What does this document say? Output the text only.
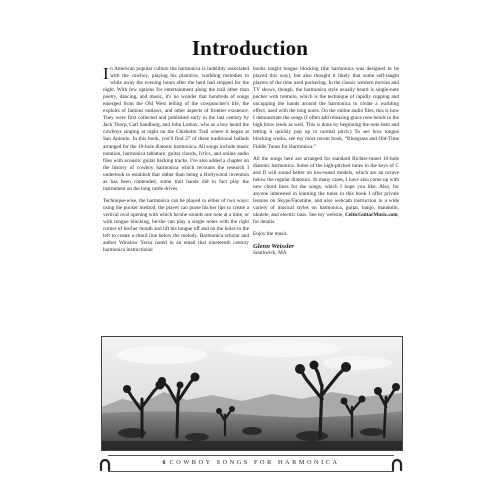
Introduction

In American popular culture the harmonica is indelibly associated with the cowboy, playing his plaintive, warbling melodies to while away the evening hours after the herd had stopped for the night. With few options for entertainment along the trail other than poetry, dancing, and music, it's no wonder that hundreds of songs emerged from the Old West telling of the cowpuncher's life, the exploits of famous outlaws, and other aspects of frontier existence. They were first collected and published early in the last century by Jack Thorp, Carl Sandburg, and John Lomax, who as a boy heard the cowboys singing at night on the Chisholm Trail where it began at San Antonio. In this book, you'll find 27 of these traditional ballads arranged for the 10-hole diatonic harmonica. All songs include music notation, harmonica tablature, guitar chords, lyrics, and online audio files with acoustic guitar backing tracks. I've also added a chapter on the history of cowboy harmonica which recounts the research I undertook to establish that rather than being a Hollywood invention as has been contended, some trail hands did in fact play the instrument on the long cattle drives.

Technique-wise, the harmonica can be played in either of two ways: using the pucker method, the player can purse his/her lips to create a vertical oval opening with which he/she sounds one note at a time, or with tongue blocking, he/she can play a single notes with the right corner of his/her mouth and lift his tongue off and on the holes to the left to create a chord line below the melody. Harmonica scholar and author Winslow Yerxa noted in an email that nineteenth century harmonica instructional

books taught tongue blocking (the harmonica was designed to be played this way), but also thought it likely that some self-taught players of the time used puckering. In the classic western movies and TV shows, though, the harmonica style usually heard is single-note pucker with tremolo, which is the technique of rapidly cupping and uncupping the hands around the harmonica to create a warbling effect, used with the long notes. On the online audio files, this is how I demonstrate the songs (I often add releasing grace note bends to the high blow reeds as well. This is done by beginning the note bent and letting it quickly pop up to normal pitch.) To see how tongue blocking works, see my most recent book, “Bluegrass and Old-Time Fiddle Tunes for Harmonica.”

All the songs here are arranged for standard Richter-tuned 10-hole diatonic harmonica. Some of the high-pitched tunes in the keys of C and D will sound better on low-tuned models, which are an octave below the regular diatonics. In many cases, I have also come up with new chord lines for the songs, which I hope you like. Also, for anyone interested in learning the tunes in this book I offer private lessons on Skype/Facetime, and also webcam instruction in a wide variety of musical styles on harmonica, guitar, banjo, mandolin, ukulele, and electric bass. See my website, CelticGuitarMusic.com, for details.

Enjoy the music.

Glenn Weissler
Southwick, MA
6 COWBOY SONGS FOR HARMONICA
